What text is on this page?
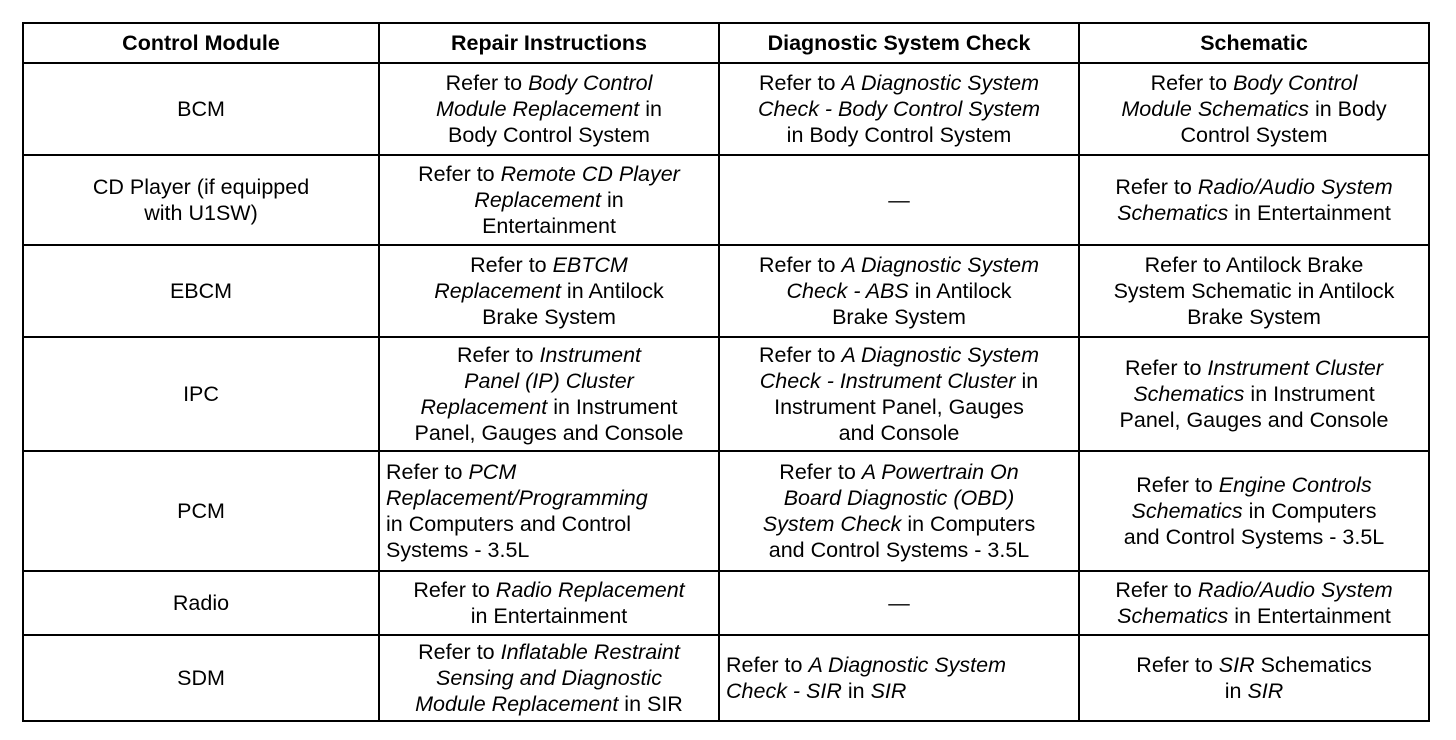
Control Module	Repair Instructions	Diagnostic System Check	Schematic

BCM	Refer to Body Control
Module Replacement in
Body Control System	Refer to A Diagnostic System
Check - Body Control System
in Body Control System	Refer to Body Control
Module Schematics in Body
Control System

CD Player (if equipped
with U1SW)	Refer to Remote CD Player
Replacement in
Entertainment	—	Refer to Radio/Audio System
Schematics in Entertainment

EBCM	Refer to EBTCM
Replacement in Antilock
Brake System	Refer to A Diagnostic System
Check - ABS in Antilock
Brake System	Refer to Antilock Brake
System Schematic in Antilock
Brake System

IPC	Refer to Instrument
Panel (IP) Cluster
Replacement in Instrument
Panel, Gauges and Console	Refer to A Diagnostic System
Check - Instrument Cluster in
Instrument Panel, Gauges
and Console	Refer to Instrument Cluster
Schematics in Instrument
Panel, Gauges and Console

PCM	Refer to PCM
Replacement/Programming
in Computers and Control
Systems - 3.5L	Refer to A Powertrain On
Board Diagnostic (OBD)
System Check in Computers
and Control Systems - 3.5L	Refer to Engine Controls
Schematics in Computers
and Control Systems - 3.5L

Radio	Refer to Radio Replacement
in Entertainment	—	Refer to Radio/Audio System
Schematics in Entertainment

SDM	Refer to Inflatable Restraint
Sensing and Diagnostic
Module Replacement in SIR	Refer to A Diagnostic System
Check - SIR in SIR	Refer to SIR Schematics
in SIR
